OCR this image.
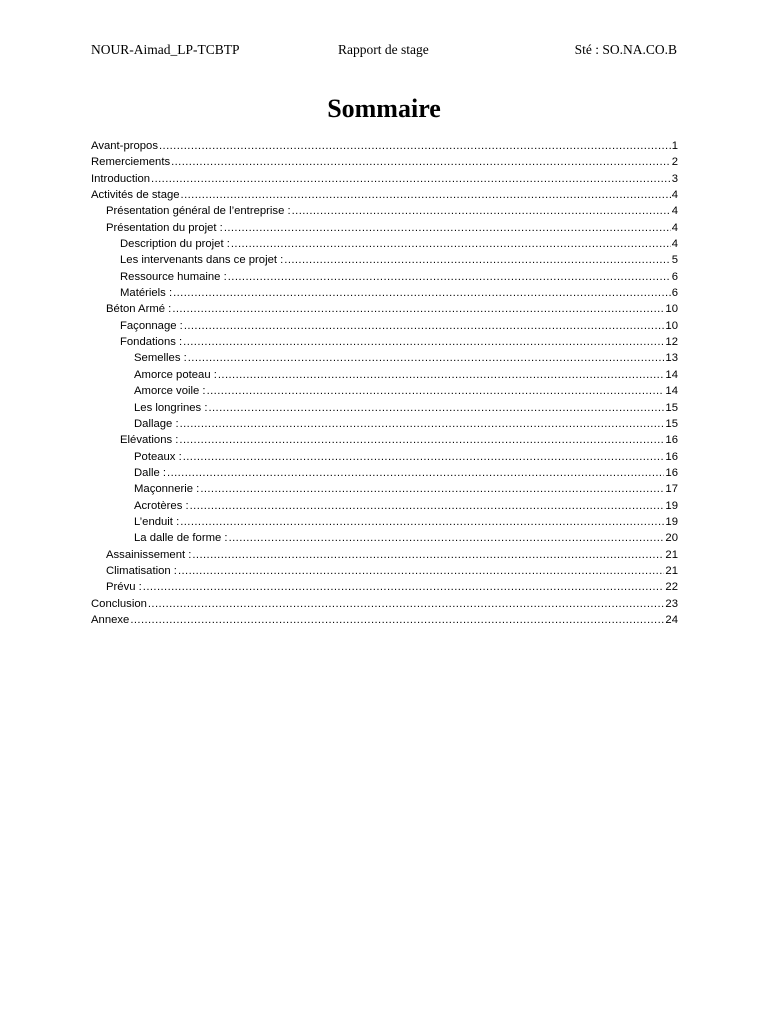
NOUR-Aimad_LP-TCBTP	Rapport de stage	Sté : SO.NA.CO.B
Sommaire
Avant-propos .....	1
Remerciements .....	2
Introduction .....	3
Activités de stage .....	4
Présentation général de l’entreprise : .....	4
Présentation du projet : .....	4
Description du projet : .....	4
Les intervenants dans ce projet : .....	5
Ressource humaine : .....	6
Matériels : .....	6
Béton Armé : .....	10
Façonnage : .....	10
Fondations : .....	12
Semelles : .....	13
Amorce poteau : .....	14
Amorce voile : .....	14
Les longrines : .....	15
Dallage : .....	15
Elévations : .....	16
Poteaux : .....	16
Dalle : .....	16
Maçonnerie : .....	17
Acrotères : .....	19
L’enduit : .....	19
La dalle de forme : .....	20
Assainissement : .....	21
Climatisation : .....	21
Prévu : .....	22
Conclusion .....	23
Annexe .....	24
